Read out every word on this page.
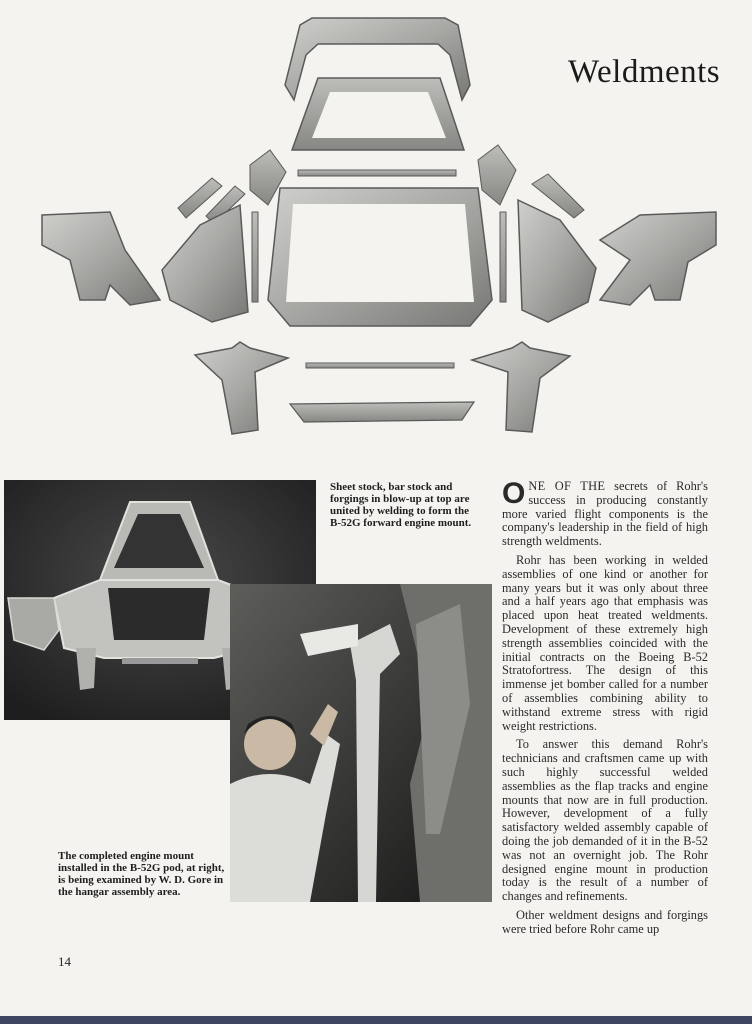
Weldments

Sheet stock, bar stock and forgings in blow-up at top are united by welding to form the B-52G forward engine mount.

The completed engine mount installed in the B-52G pod, at right, is being examined by W. D. Gore in the hangar assembly area.

ONE OF THE secrets of Rohr's success in producing constantly more varied flight components is the company's leadership in the field of high strength weldments.

Rohr has been working in welded assemblies of one kind or another for many years but it was only about three and a half years ago that emphasis was placed upon heat treated weldments. Development of these extremely high strength assemblies coincided with the initial contracts on the Boeing B-52 Stratofortress. The design of this immense jet bomber called for a number of assemblies combining ability to withstand extreme stress with rigid weight restrictions.

To answer this demand Rohr's technicians and craftsmen came up with such highly successful welded assemblies as the flap tracks and engine mounts that now are in full production. However, development of a fully satisfactory welded assembly capable of doing the job demanded of it in the B-52 was not an overnight job. The Rohr designed engine mount in production today is the result of a number of changes and refinements.

Other weldment designs and forgings were tried before Rohr came up

14
